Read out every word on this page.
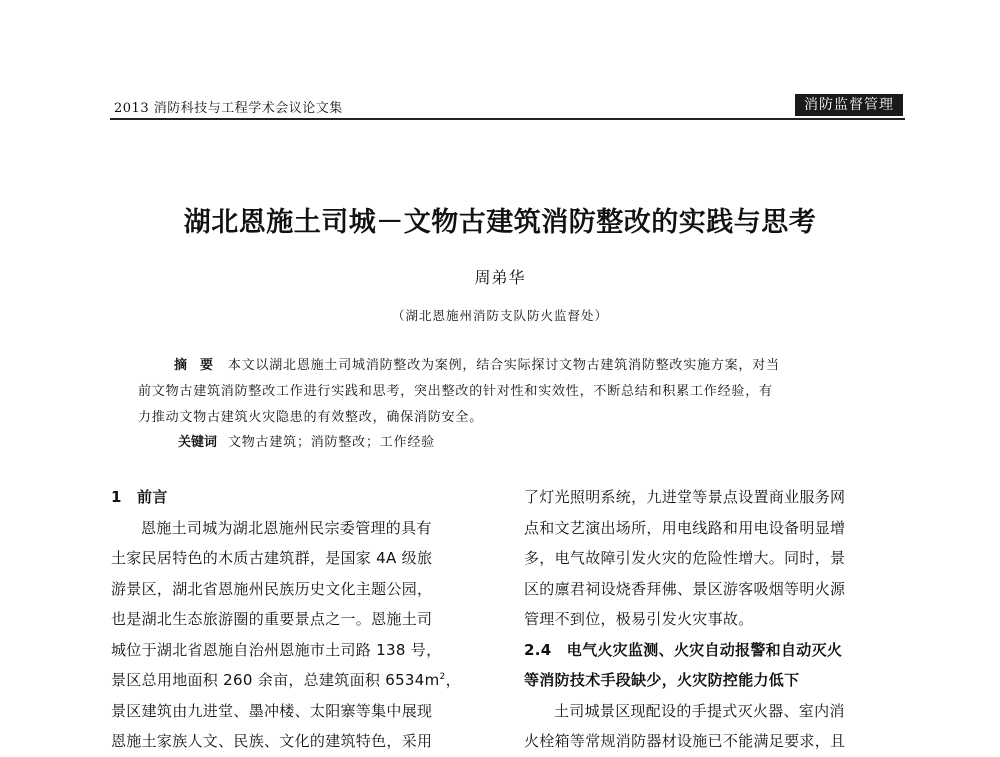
2013 消防科技与工程学术会议论文集	消防监督管理
湖北恩施土司城－文物古建筑消防整改的实践与思考
周弟华
（湖北恩施州消防支队防火监督处）
摘　要 本文以湖北恩施土司城消防整改为案例，结合实际探讨文物古建筑消防整改实施方案，对当
前文物古建筑消防整改工作进行实践和思考，突出整改的针对性和实效性，不断总结和积累工作经验，有
力推动文物古建筑火灾隐患的有效整改，确保消防安全。
关键词 文物古建筑；消防整改；工作经验
1　前言
恩施土司城为湖北恩施州民宗委管理的具有
土家民居特色的木质古建筑群，是国家 4A 级旅
游景区，湖北省恩施州民族历史文化主题公园，
也是湖北生态旅游圈的重要景点之一。恩施土司
城位于湖北省恩施自治州恩施市土司路 138 号，
景区总用地面积 260 余亩，总建筑面积 $6534m^2$，
景区建筑由九进堂、墨冲楼、太阳寨等集中展现
恩施土家族人文、民族、文化的建筑特色，采用
了灯光照明系统，九进堂等景点设置商业服务网
点和文艺演出场所，用电线路和用电设备明显增
多，电气故障引发火灾的危险性增大。同时，景
区的廪君祠设烧香拜佛、景区游客吸烟等明火源
管理不到位，极易引发火灾事故。
2.4　电气火灾监测、火灾自动报警和自动灭火
等消防技术手段缺少，火灾防控能力低下
土司城景区现配设的手提式灭火器、室内消
火栓箱等常规消防器材设施已不能满足要求，且
